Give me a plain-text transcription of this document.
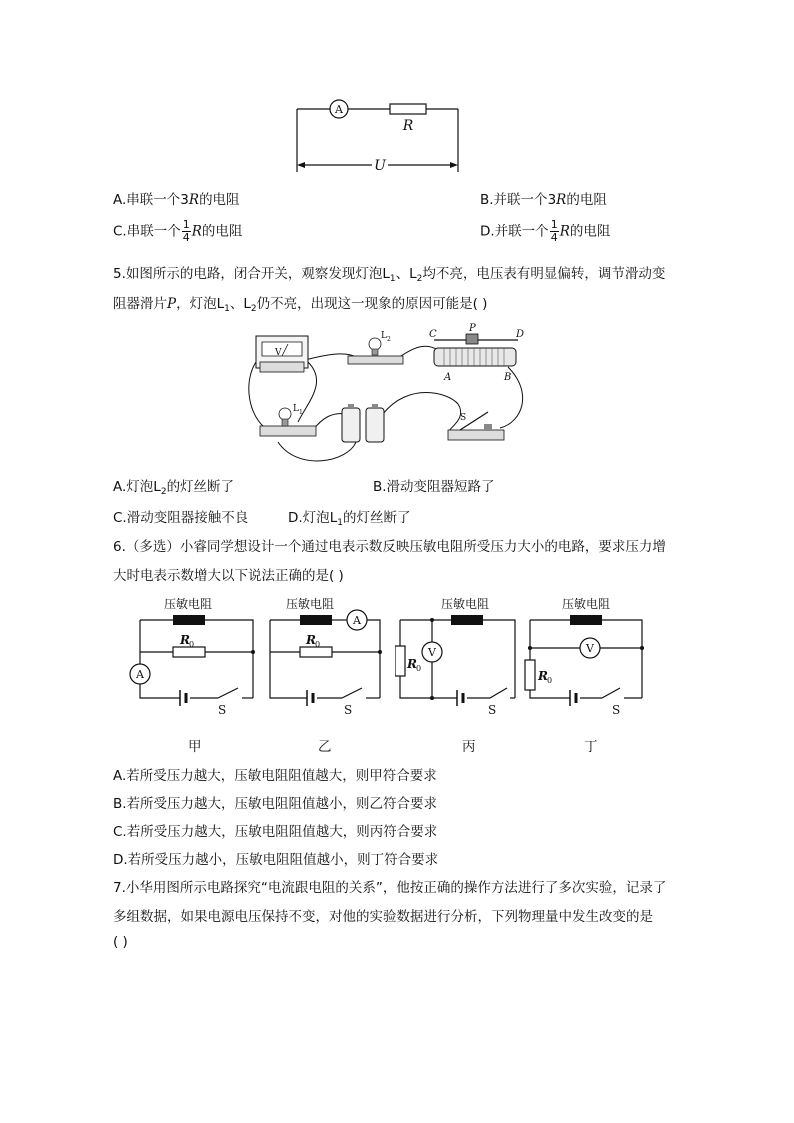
A
R
U
A.串联一个3R的电阻	B.并联一个3R的电阻
C.串联一个 $\frac{1}{4}$ R的电阻	D.并联一个 $\frac{1}{4}$ R的电阻
5.如图所示的电路，闭合开关，观察发现灯泡$L_1$、$L_2$均不亮，电压表有明显偏转，调节滑动变
阻器滑片P，灯泡$L_1$、$L_2$仍不亮，出现这一现象的原因可能是( )
V
L 2	C
P
D
A	B
L 1
S
A.灯泡$L_2$的灯丝断了	B.滑动变阻器短路了
C.滑动变阻器接触不良	D.灯泡$L_1$的灯丝断了
6.（多选）小睿同学想设计一个通过电表示数反映压敏电阻所受压力大小的电路，要求压力增
大时电表示数增大以下说法正确的是( )
压敏电阻
R 0
A
S
压敏电阻
R 0
A
S
压敏电阻
R 0
V
S
压敏电阻
R 0
V
S
甲	乙	丙	丁
A.若所受压力越大，压敏电阻阻值越大，则甲符合要求
B.若所受压力越大，压敏电阻阻值越小，则乙符合要求
C.若所受压力越大，压敏电阻阻值越大，则丙符合要求
D.若所受压力越小，压敏电阻阻值越小，则丁符合要求
7.小华用图所示电路探究“电流跟电阻的关系”，他按正确的操作方法进行了多次实验，记录了
多组数据，如果电源电压保持不变，对他的实验数据进行分析，下列物理量中发生改变的是
( )
